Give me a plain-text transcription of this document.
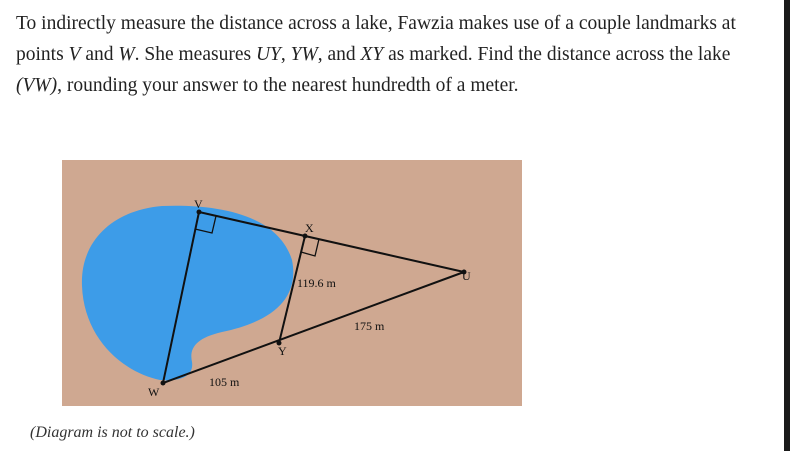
To indirectly measure the distance across a lake, Fawzia makes use of a couple landmarks at points V and W. She measures UY, YW, and XY as marked. Find the distance across the lake (VW), rounding your answer to the nearest hundredth of a meter.

V
W
X
Y
U
119.6 m
175 m
105 m
(Diagram is not to scale.)
